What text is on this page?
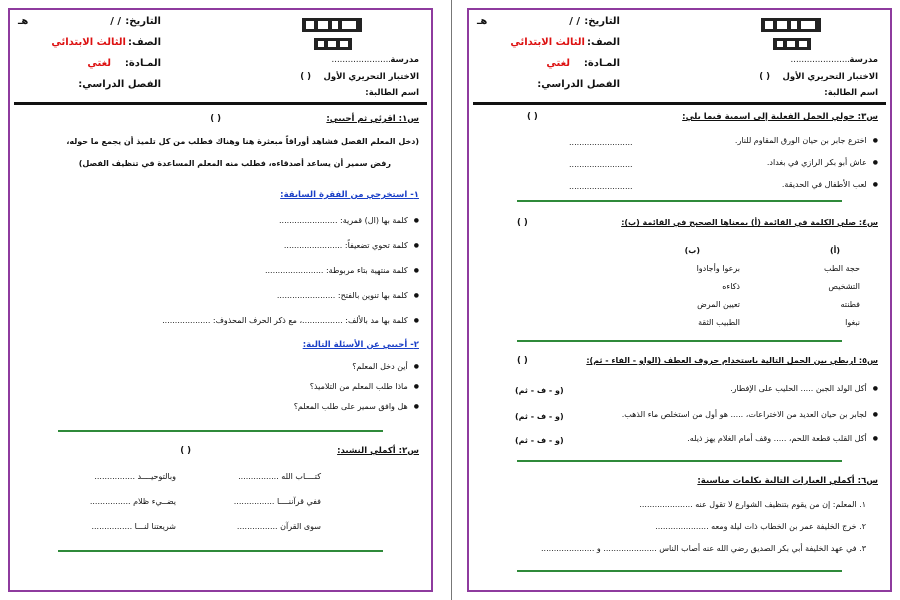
التاريخ:
/ /
هـ
الصف:
الثالث الابتدائي
المـادة:
لغتي
الفصل الدراسي:
مدرسة
......................
الاختبار التحريري الأول
( )
اسم الطالبة:
س١: اقرئي ثم أجيبي:
( )
(دخل المعلم الفصل فشاهد أوراقاً مبعثرة هنا وهناك فطلب من كل تلميذ أن يجمع ما حوله،
رفض سمير أن يساعد أصدقاءه، فطلب منه المعلم المساعدة في تنظيف الفصل)
١- استخرجي من الفقرة السابقة:
● كلمة بها (ال) قمرية: .......................
● كلمة تحوي تضعيفاً: .......................
● كلمة منتهية بتاء مربوطة: .......................
● كلمة بها تنوين بالفتح: .......................
● كلمة بها مد بالألف: ................، مع ذكر الحرف المحذوف: ...................
٢- أجيبي عن الأسئلة التالية:
● أين دخل المعلم؟
● ماذا طلب المعلم من التلاميذ؟
● هل وافق سمير على طلب المعلم؟
س٢: أكملي النشيد:
( )
كتــــاب الله ................
وبالتوحيــــد ................
ففي قرآننــــا ................
يضــيء ظلام ................
سوى القرآن ................
شريعتنا لنـــا ................
التاريخ:
/ /
هـ
الصف:
الثالث الابتدائي
المـادة:
لغتي
الفصل الدراسي:
مدرسة
......................
الاختبار التحريري الأول
( )
اسم الطالبة:
س٣: حولي الجمل الفعلية إلى اسمية فيما يلي:
( )
● اخترع جابر بن حيان الورق المقاوم للنار.
.........................
● عاش أبو بكر الرازي في بغداد.
.........................
● لعب الأطفال في الحديقة.
.........................
س٤: صلي الكلمة في القائمة (أ) بمعناها الصحيح في القائمة (ب):
( )
(أ)
(ب)
حجة الطب
برعوا وأجادوا
التشخيص
ذكاءه
فطنته
تعيين المرض
نبغوا
الطبيب الثقة
س٥: اربطي بين الجمل التالية باستخدام حروف العطف (الواو - الفاء - ثم):
( )
● أكل الولد الجبن ..... الحليب على الإفطار.
(و - ف - ثم)
● لجابر بن حيان العديد من الاختراعات، ..... هو أول من استخلص ماء الذهب.
(و - ف - ثم)
● أكل القلب قطعة اللحم، ..... وقف أمام الغلام يهز ذيله.
(و - ف - ثم)
س٦: أكملي العبارات التالية بكلمات مناسبة:
١. المعلم: إن من يقوم بتنظيف الشوارع لا تقول عنه .....................
٢. خرج الخليفة عمر بن الخطاب ذات ليلة ومعه .....................
٣. في عهد الخليفة أبي بكر الصديق رضي الله عنه أصاب الناس ..................... و .....................
